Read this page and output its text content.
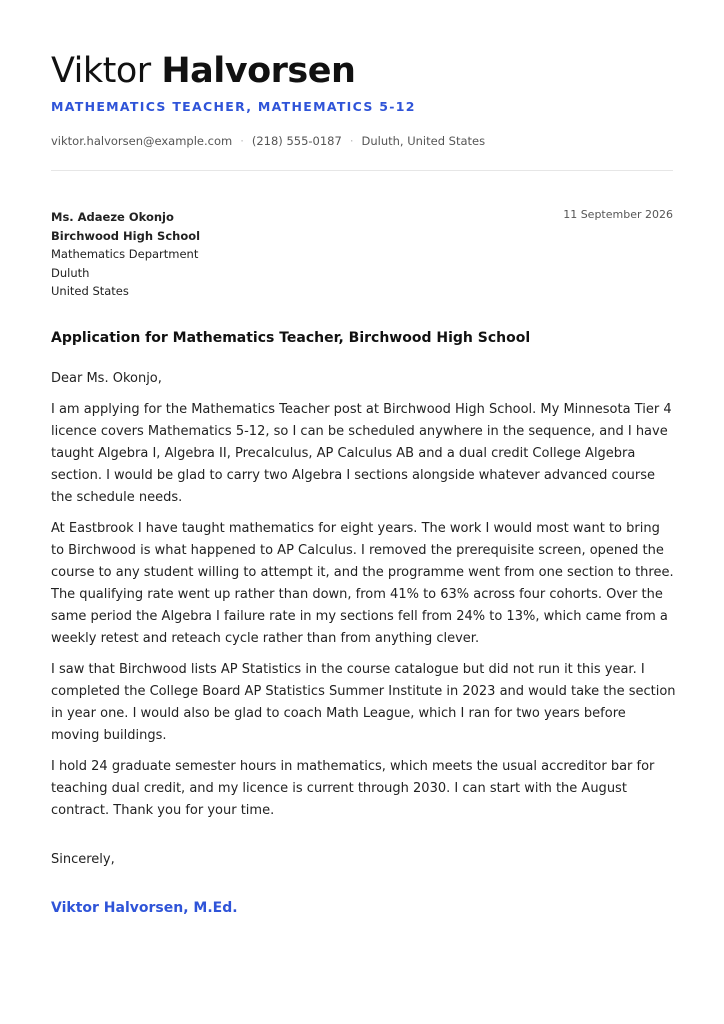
Viktor Halvorsen
MATHEMATICS TEACHER, MATHEMATICS 5-12
viktor.halvorsen@example.com · (218) 555-0187 · Duluth, United States
Ms. Adaeze Okonjo
Birchwood High School
Mathematics Department
Duluth
United States
11 September 2026
Application for Mathematics Teacher, Birchwood High School

Dear Ms. Okonjo,

I am applying for the Mathematics Teacher post at Birchwood High School. My Minnesota Tier 4 licence covers Mathematics 5-12, so I can be scheduled anywhere in the sequence, and I have taught Algebra I, Algebra II, Precalculus, AP Calculus AB and a dual credit College Algebra section. I would be glad to carry two Algebra I sections alongside whatever advanced course the schedule needs.

At Eastbrook I have taught mathematics for eight years. The work I would most want to bring to Birchwood is what happened to AP Calculus. I removed the prerequisite screen, opened the course to any student willing to attempt it, and the programme went from one section to three. The qualifying rate went up rather than down, from 41% to 63% across four cohorts. Over the same period the Algebra I failure rate in my sections fell from 24% to 13%, which came from a weekly retest and reteach cycle rather than from anything clever.

I saw that Birchwood lists AP Statistics in the course catalogue but did not run it this year. I completed the College Board AP Statistics Summer Institute in 2023 and would take the section in year one. I would also be glad to coach Math League, which I ran for two years before moving buildings.

I hold 24 graduate semester hours in mathematics, which meets the usual accreditor bar for teaching dual credit, and my licence is current through 2030. I can start with the August contract. Thank you for your time.

Sincerely,
Viktor Halvorsen, M.Ed.
